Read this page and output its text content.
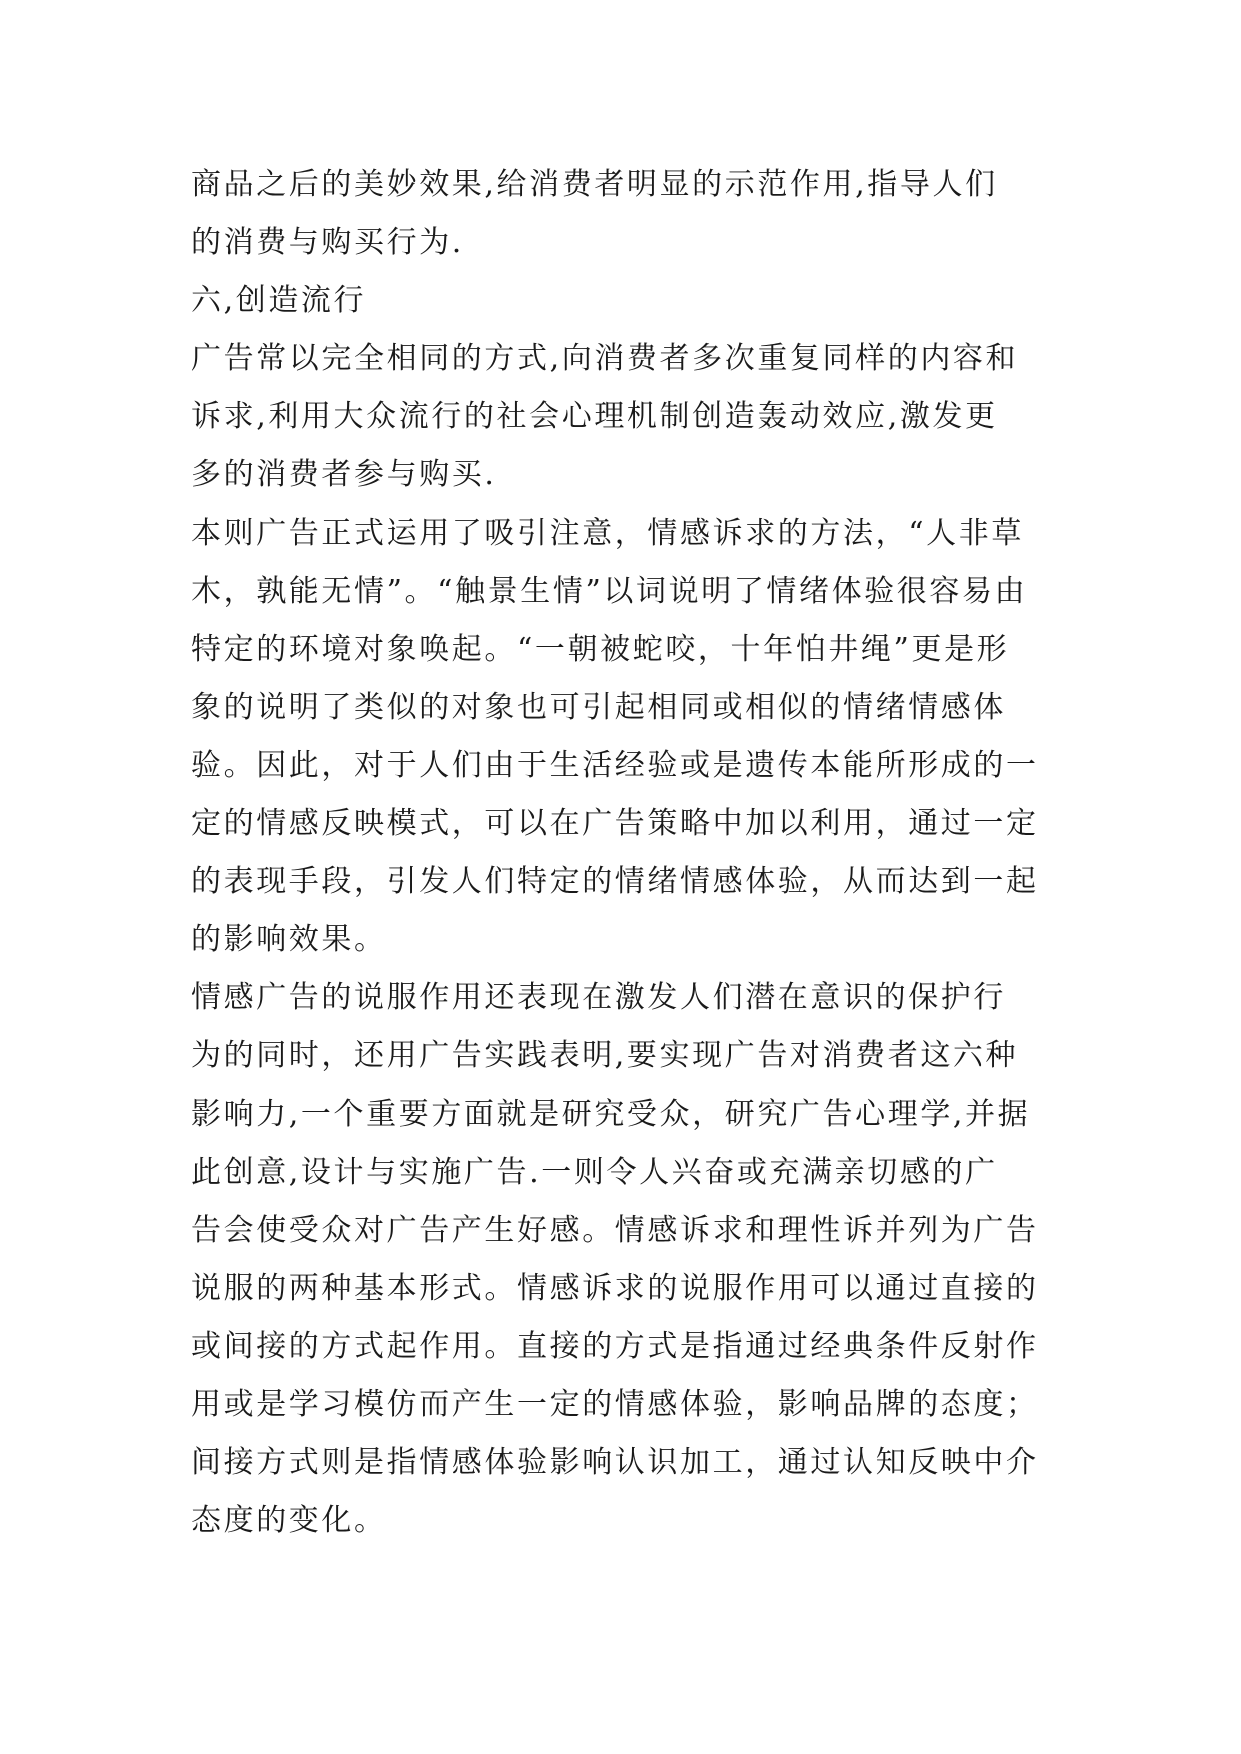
商品之后的美妙效果,给消费者明显的示范作用,指导人们
的消费与购买行为.
六,创造流行
广告常以完全相同的方式,向消费者多次重复同样的内容和
诉求,利用大众流行的社会心理机制创造轰动效应,激发更
多的消费者参与购买.
本则广告正式运用了吸引注意，情感诉求的方法，“人非草
木，孰能无情”。“触景生情”以词说明了情绪体验很容易由
特定的环境对象唤起。“一朝被蛇咬，十年怕井绳”更是形
象的说明了类似的对象也可引起相同或相似的情绪情感体
验。因此，对于人们由于生活经验或是遗传本能所形成的一
定的情感反映模式，可以在广告策略中加以利用，通过一定
的表现手段，引发人们特定的情绪情感体验，从而达到一起
的影响效果。
情感广告的说服作用还表现在激发人们潜在意识的保护行
为的同时，还用广告实践表明,要实现广告对消费者这六种
影响力,一个重要方面就是研究受众，研究广告心理学,并据
此创意,设计与实施广告.一则令人兴奋或充满亲切感的广
告会使受众对广告产生好感。情感诉求和理性诉并列为广告
说服的两种基本形式。情感诉求的说服作用可以通过直接的
或间接的方式起作用。直接的方式是指通过经典条件反射作
用或是学习模仿而产生一定的情感体验，影响品牌的态度；
间接方式则是指情感体验影响认识加工，通过认知反映中介
态度的变化。
